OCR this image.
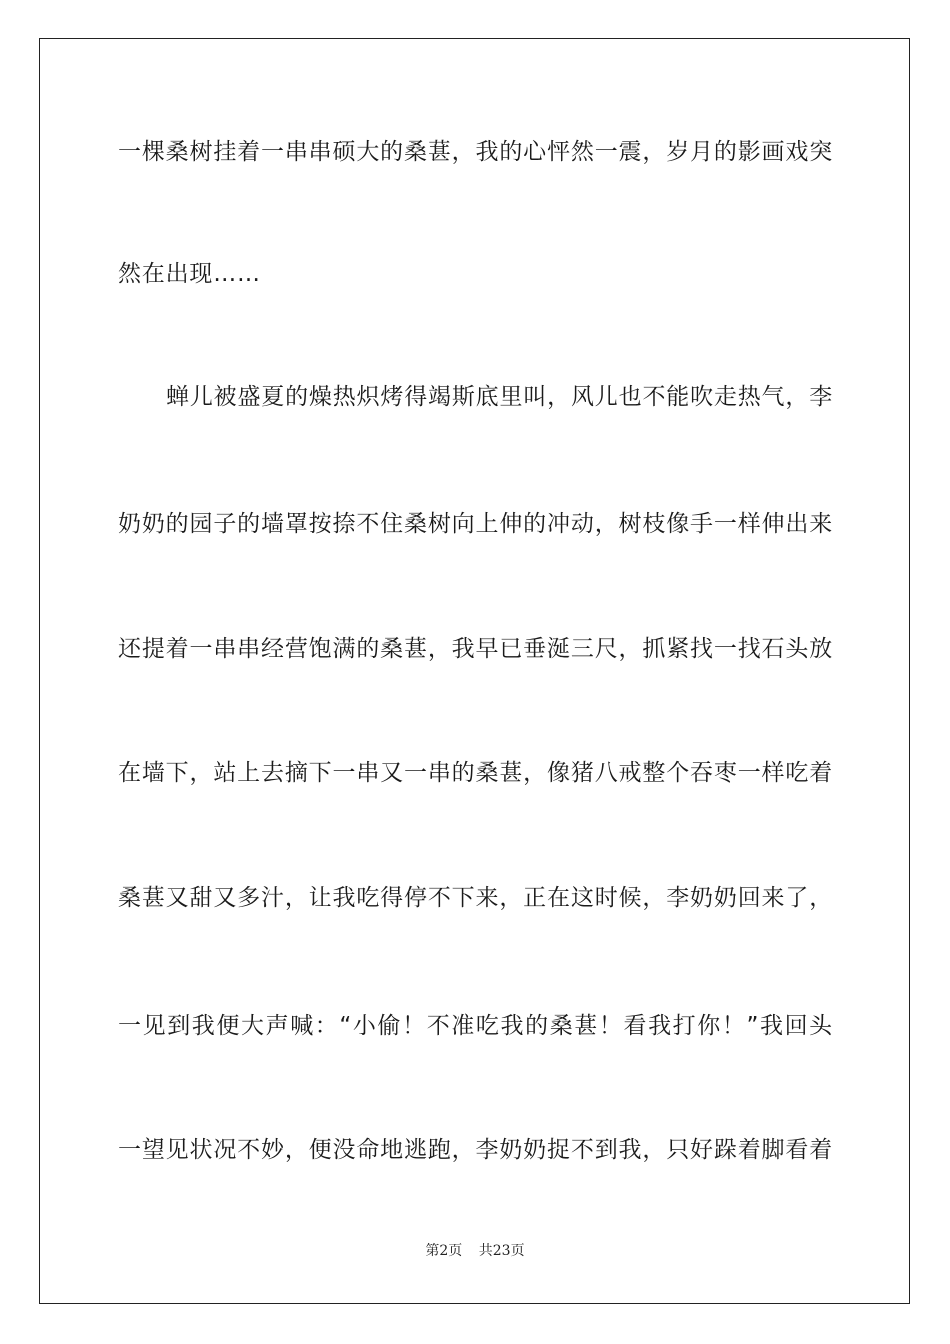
一棵桑树挂着一串串硕大的桑葚，我的心怦然一震，岁月的影画戏突
然在出现……
蝉儿被盛夏的燥热炽烤得竭斯底里叫，风儿也不能吹走热气，李
奶奶的园子的墙罩按捺不住桑树向上伸的冲动，树枝像手一样伸出来
还提着一串串经营饱满的桑葚，我早已垂涎三尺，抓紧找一找石头放
在墙下，站上去摘下一串又一串的桑葚，像猪八戒整个吞枣一样吃着
桑葚又甜又多汁，让我吃得停不下来，正在这时候，李奶奶回来了，
一见到我便大声喊：“小偷！不准吃我的桑葚！看我打你！”我回头
一望见状况不妙，便没命地逃跑，李奶奶捉不到我，只好跺着脚看着
第2页 共23页
